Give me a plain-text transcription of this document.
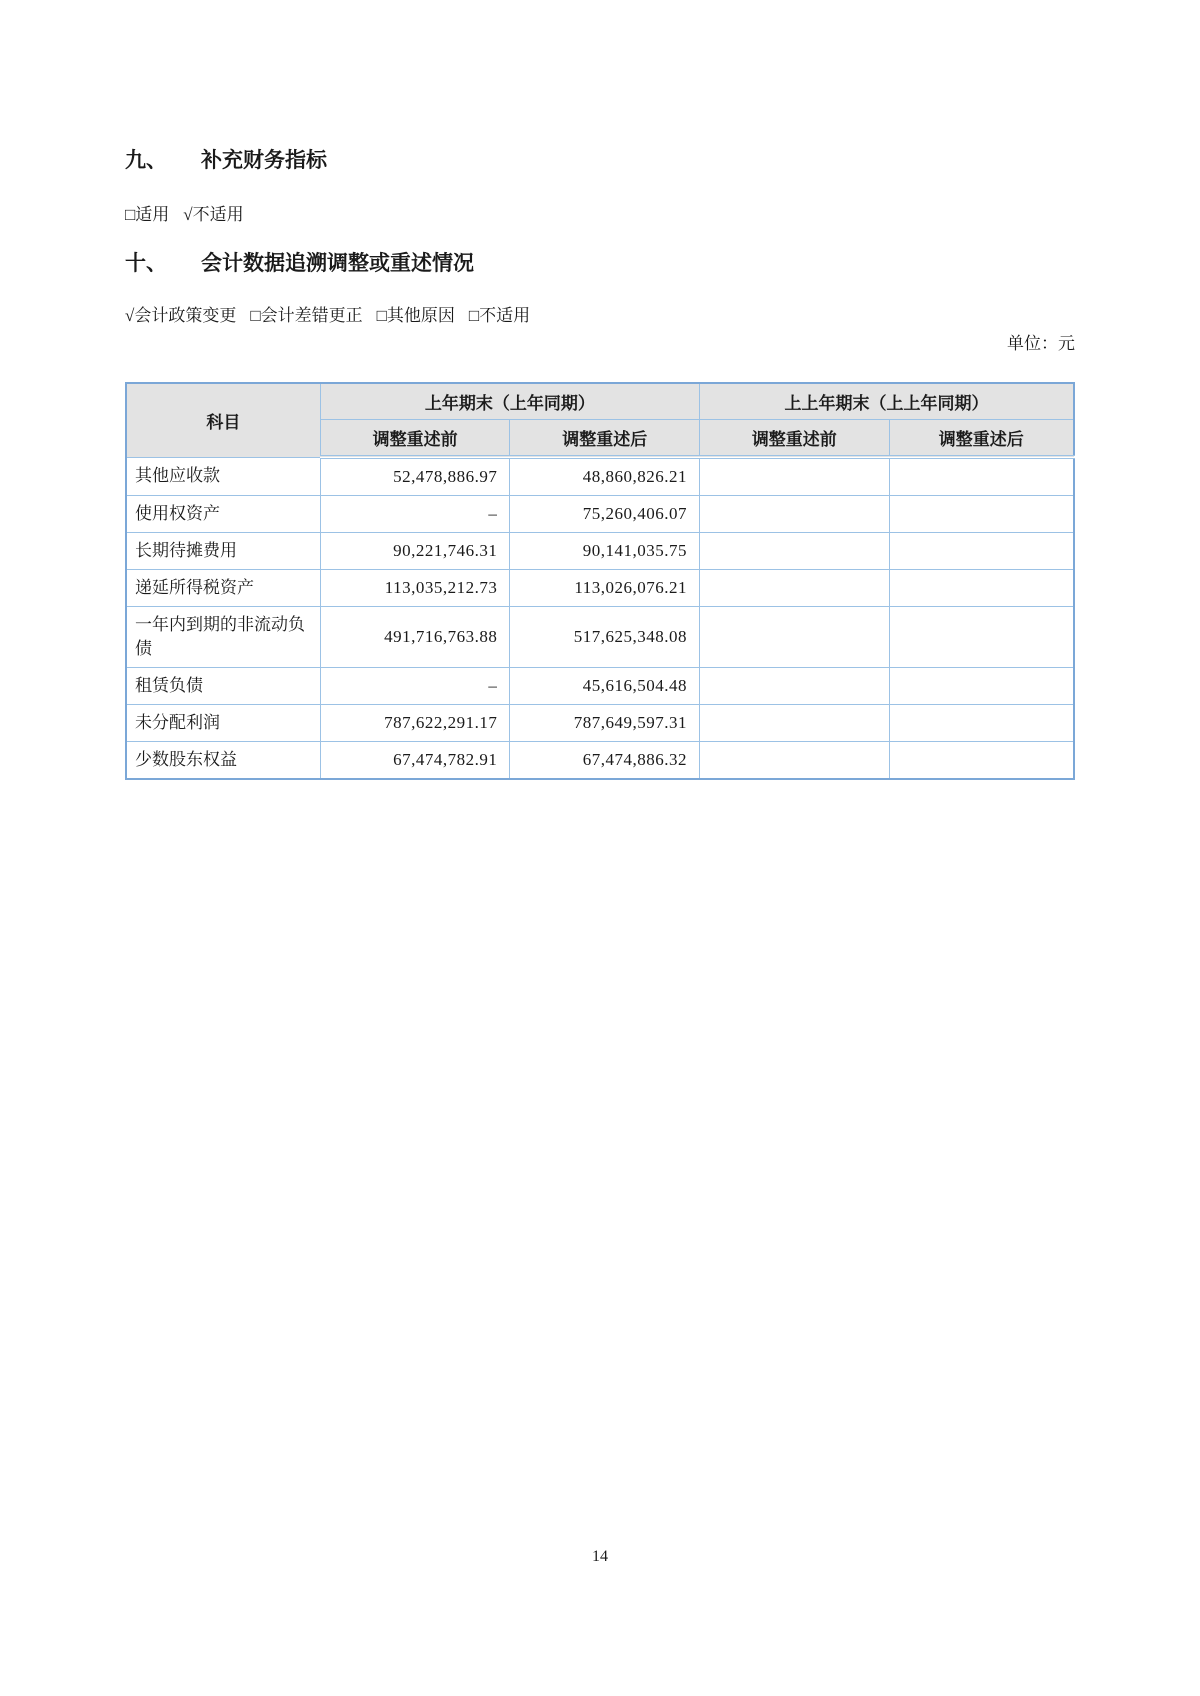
九、 补充财务指标
□适用 √不适用
十、 会计数据追溯调整或重述情况
√会计政策变更 □会计差错更正 □其他原因 □不适用
单位：元
科目	上年期末（上年同期）		上上年期末（上上年同期）	
	调整重述前	调整重述后	调整重述前	调整重述后
其他应收款	52,478,886.97	48,860,826.21		
使用权资产	–	75,260,406.07		
长期待摊费用	90,221,746.31	90,141,035.75		
递延所得税资产	113,035,212.73	113,026,076.21		
一年内到期的非流动负债	491,716,763.88	517,625,348.08		
租赁负债	–	45,616,504.48		
未分配利润	787,622,291.17	787,649,597.31		
少数股东权益	67,474,782.91	67,474,886.32		
14
